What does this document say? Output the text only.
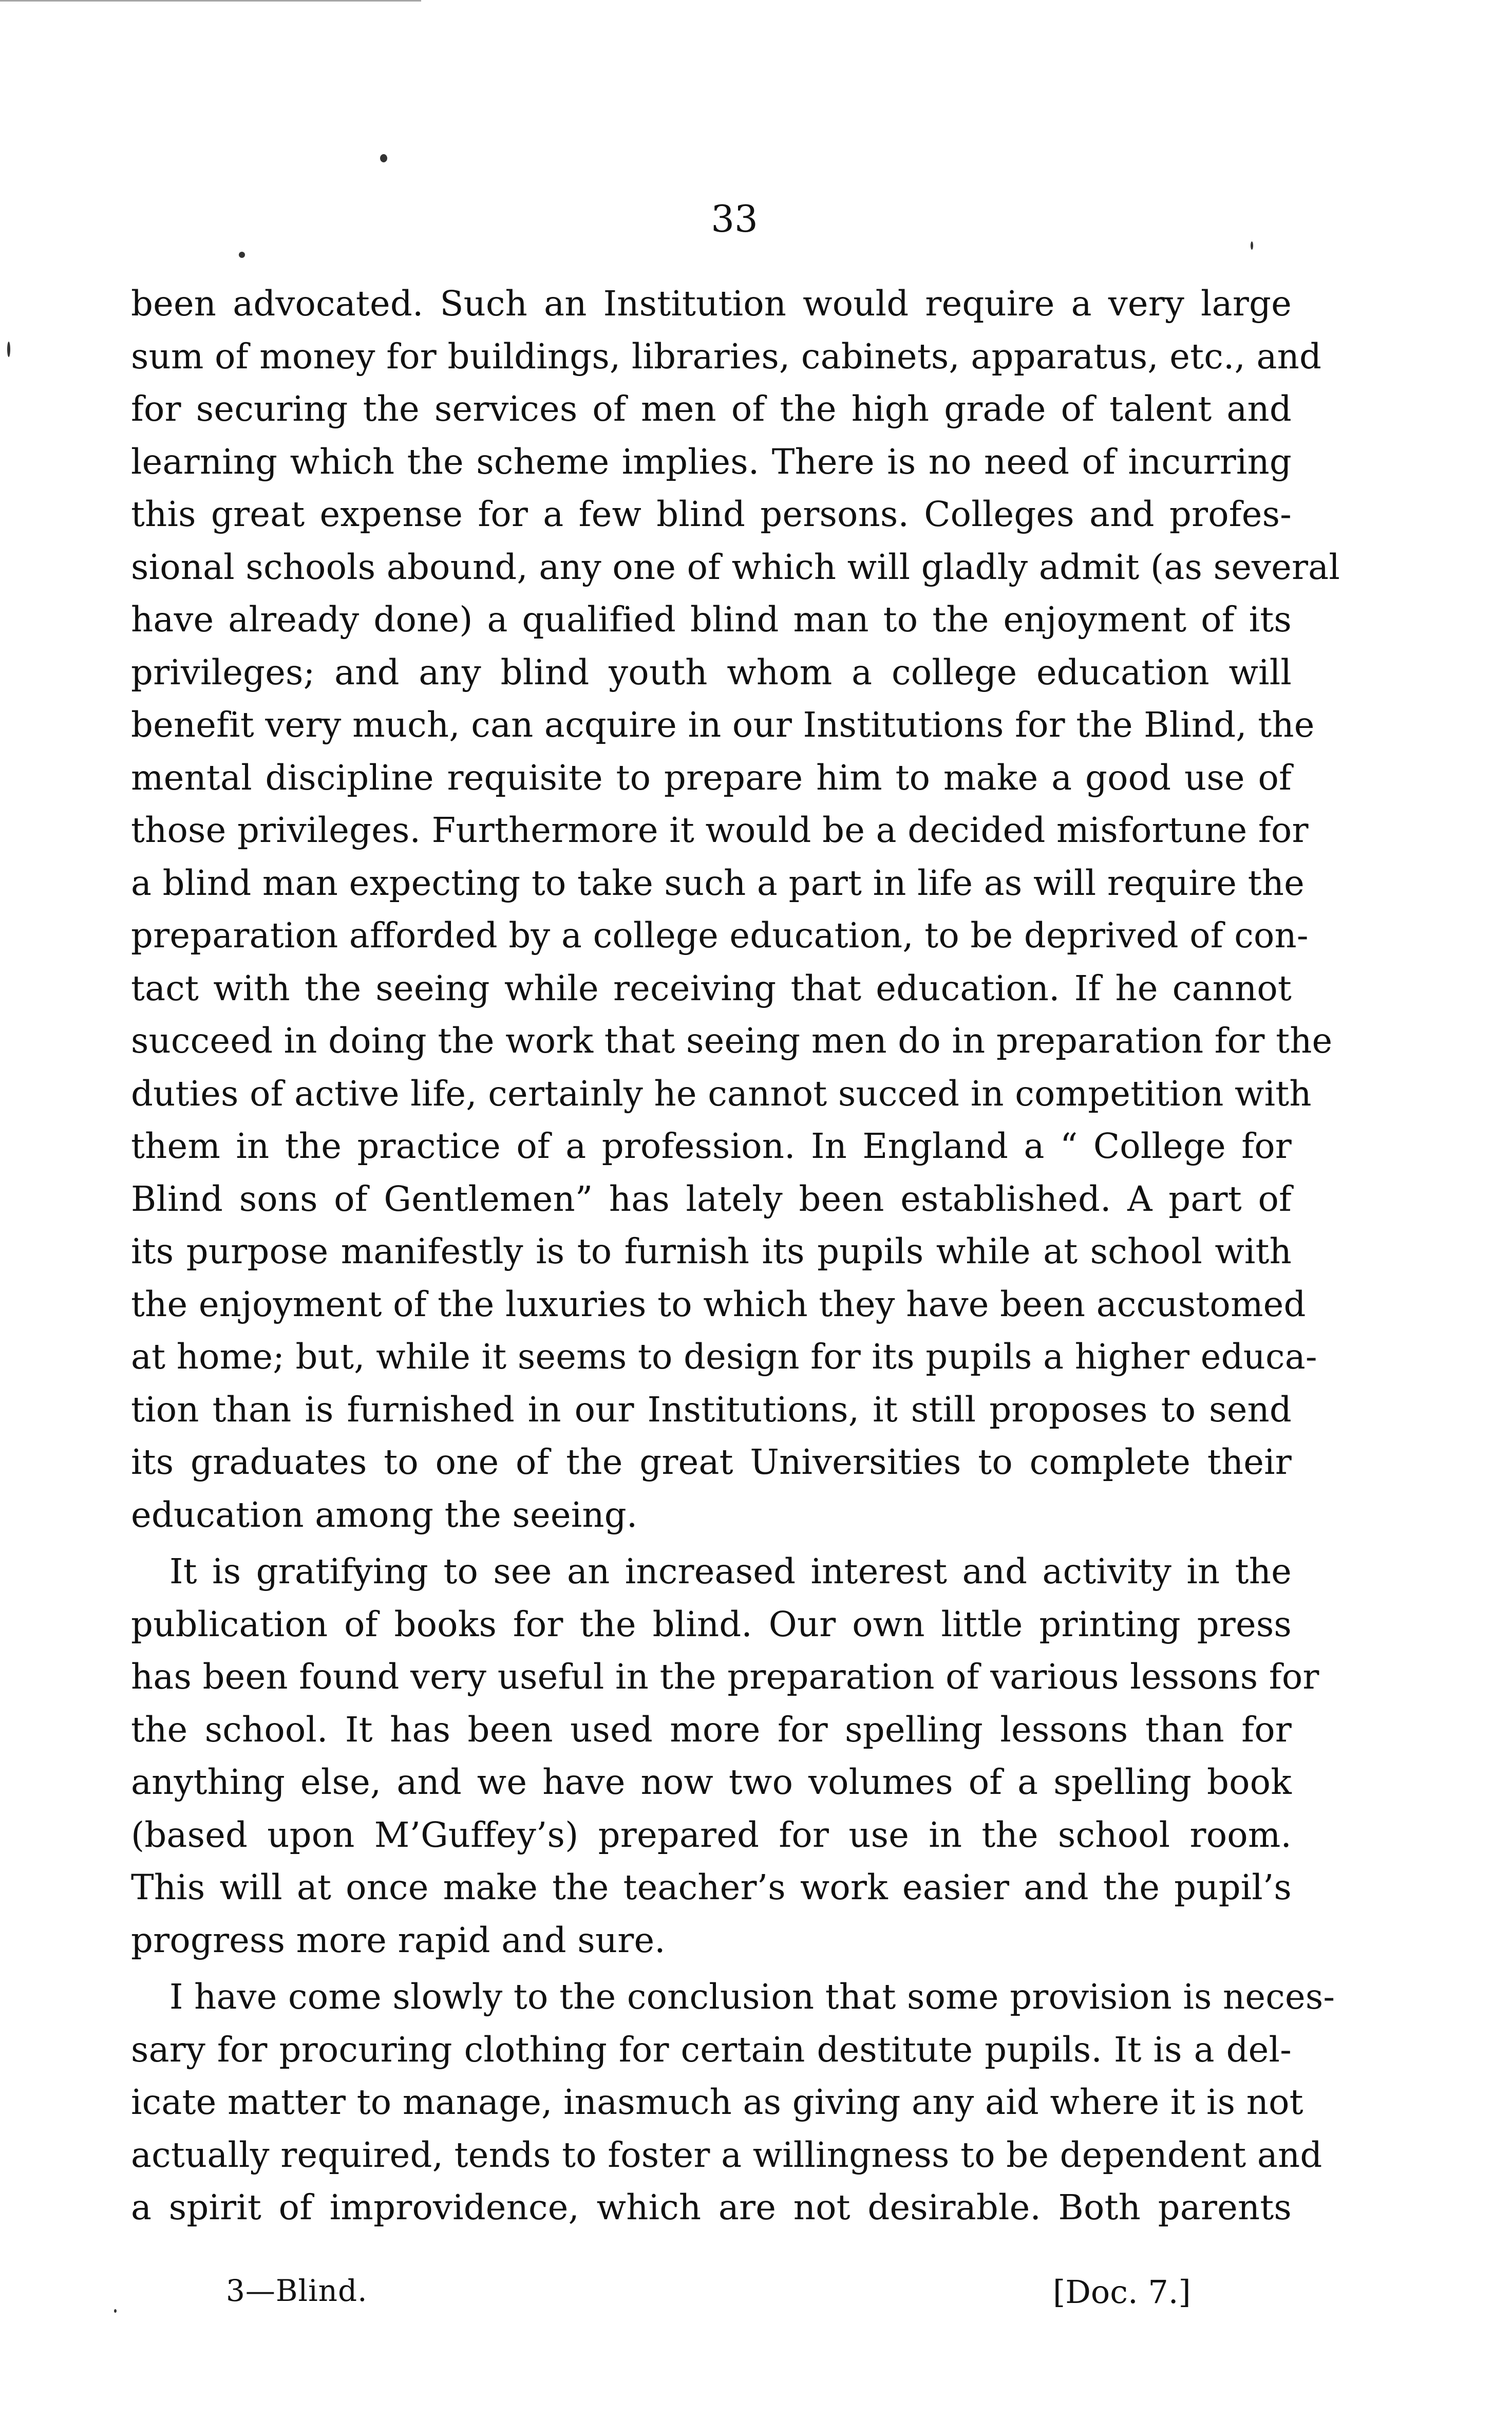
33
been advocated. Such an Institution would require a very large
sum of money for buildings, libraries, cabinets, apparatus, etc., and
for securing the services of men of the high grade of talent and
learning which the scheme implies. There is no need of incurring
this great expense for a few blind persons. Colleges and profes-
sional schools abound, any one of which will gladly admit (as several
have already done) a qualified blind man to the enjoyment of its
privileges; and any blind youth whom a college education will
benefit very much, can acquire in our Institutions for the Blind, the
mental discipline requisite to prepare him to make a good use of
those privileges. Furthermore it would be a decided misfortune for
a blind man expecting to take such a part in life as will require the
preparation afforded by a college education, to be deprived of con-
tact with the seeing while receiving that education. If he cannot
succeed in doing the work that seeing men do in preparation for the
duties of active life, certainly he cannot succed in competition with
them in the practice of a profession. In England a “ College for
Blind sons of Gentlemen” has lately been established. A part of
its purpose manifestly is to furnish its pupils while at school with
the enjoyment of the luxuries to which they have been accustomed
at home; but, while it seems to design for its pupils a higher educa-
tion than is furnished in our Institutions, it still proposes to send
its graduates to one of the great Universities to complete their
education among the seeing.
It is gratifying to see an increased interest and activity in the
publication of books for the blind. Our own little printing press
has been found very useful in the preparation of various lessons for
the school. It has been used more for spelling lessons than for
anything else, and we have now two volumes of a spelling book
(based upon M’Guffey’s) prepared for use in the school room.
This will at once make the teacher’s work easier and the pupil’s
progress more rapid and sure.
I have come slowly to the conclusion that some provision is neces-
sary for procuring clothing for certain destitute pupils. It is a del-
icate matter to manage, inasmuch as giving any aid where it is not
actually required, tends to foster a willingness to be dependent and
a spirit of improvidence, which are not desirable. Both parents
3—Blind.	[Doc. 7.]
